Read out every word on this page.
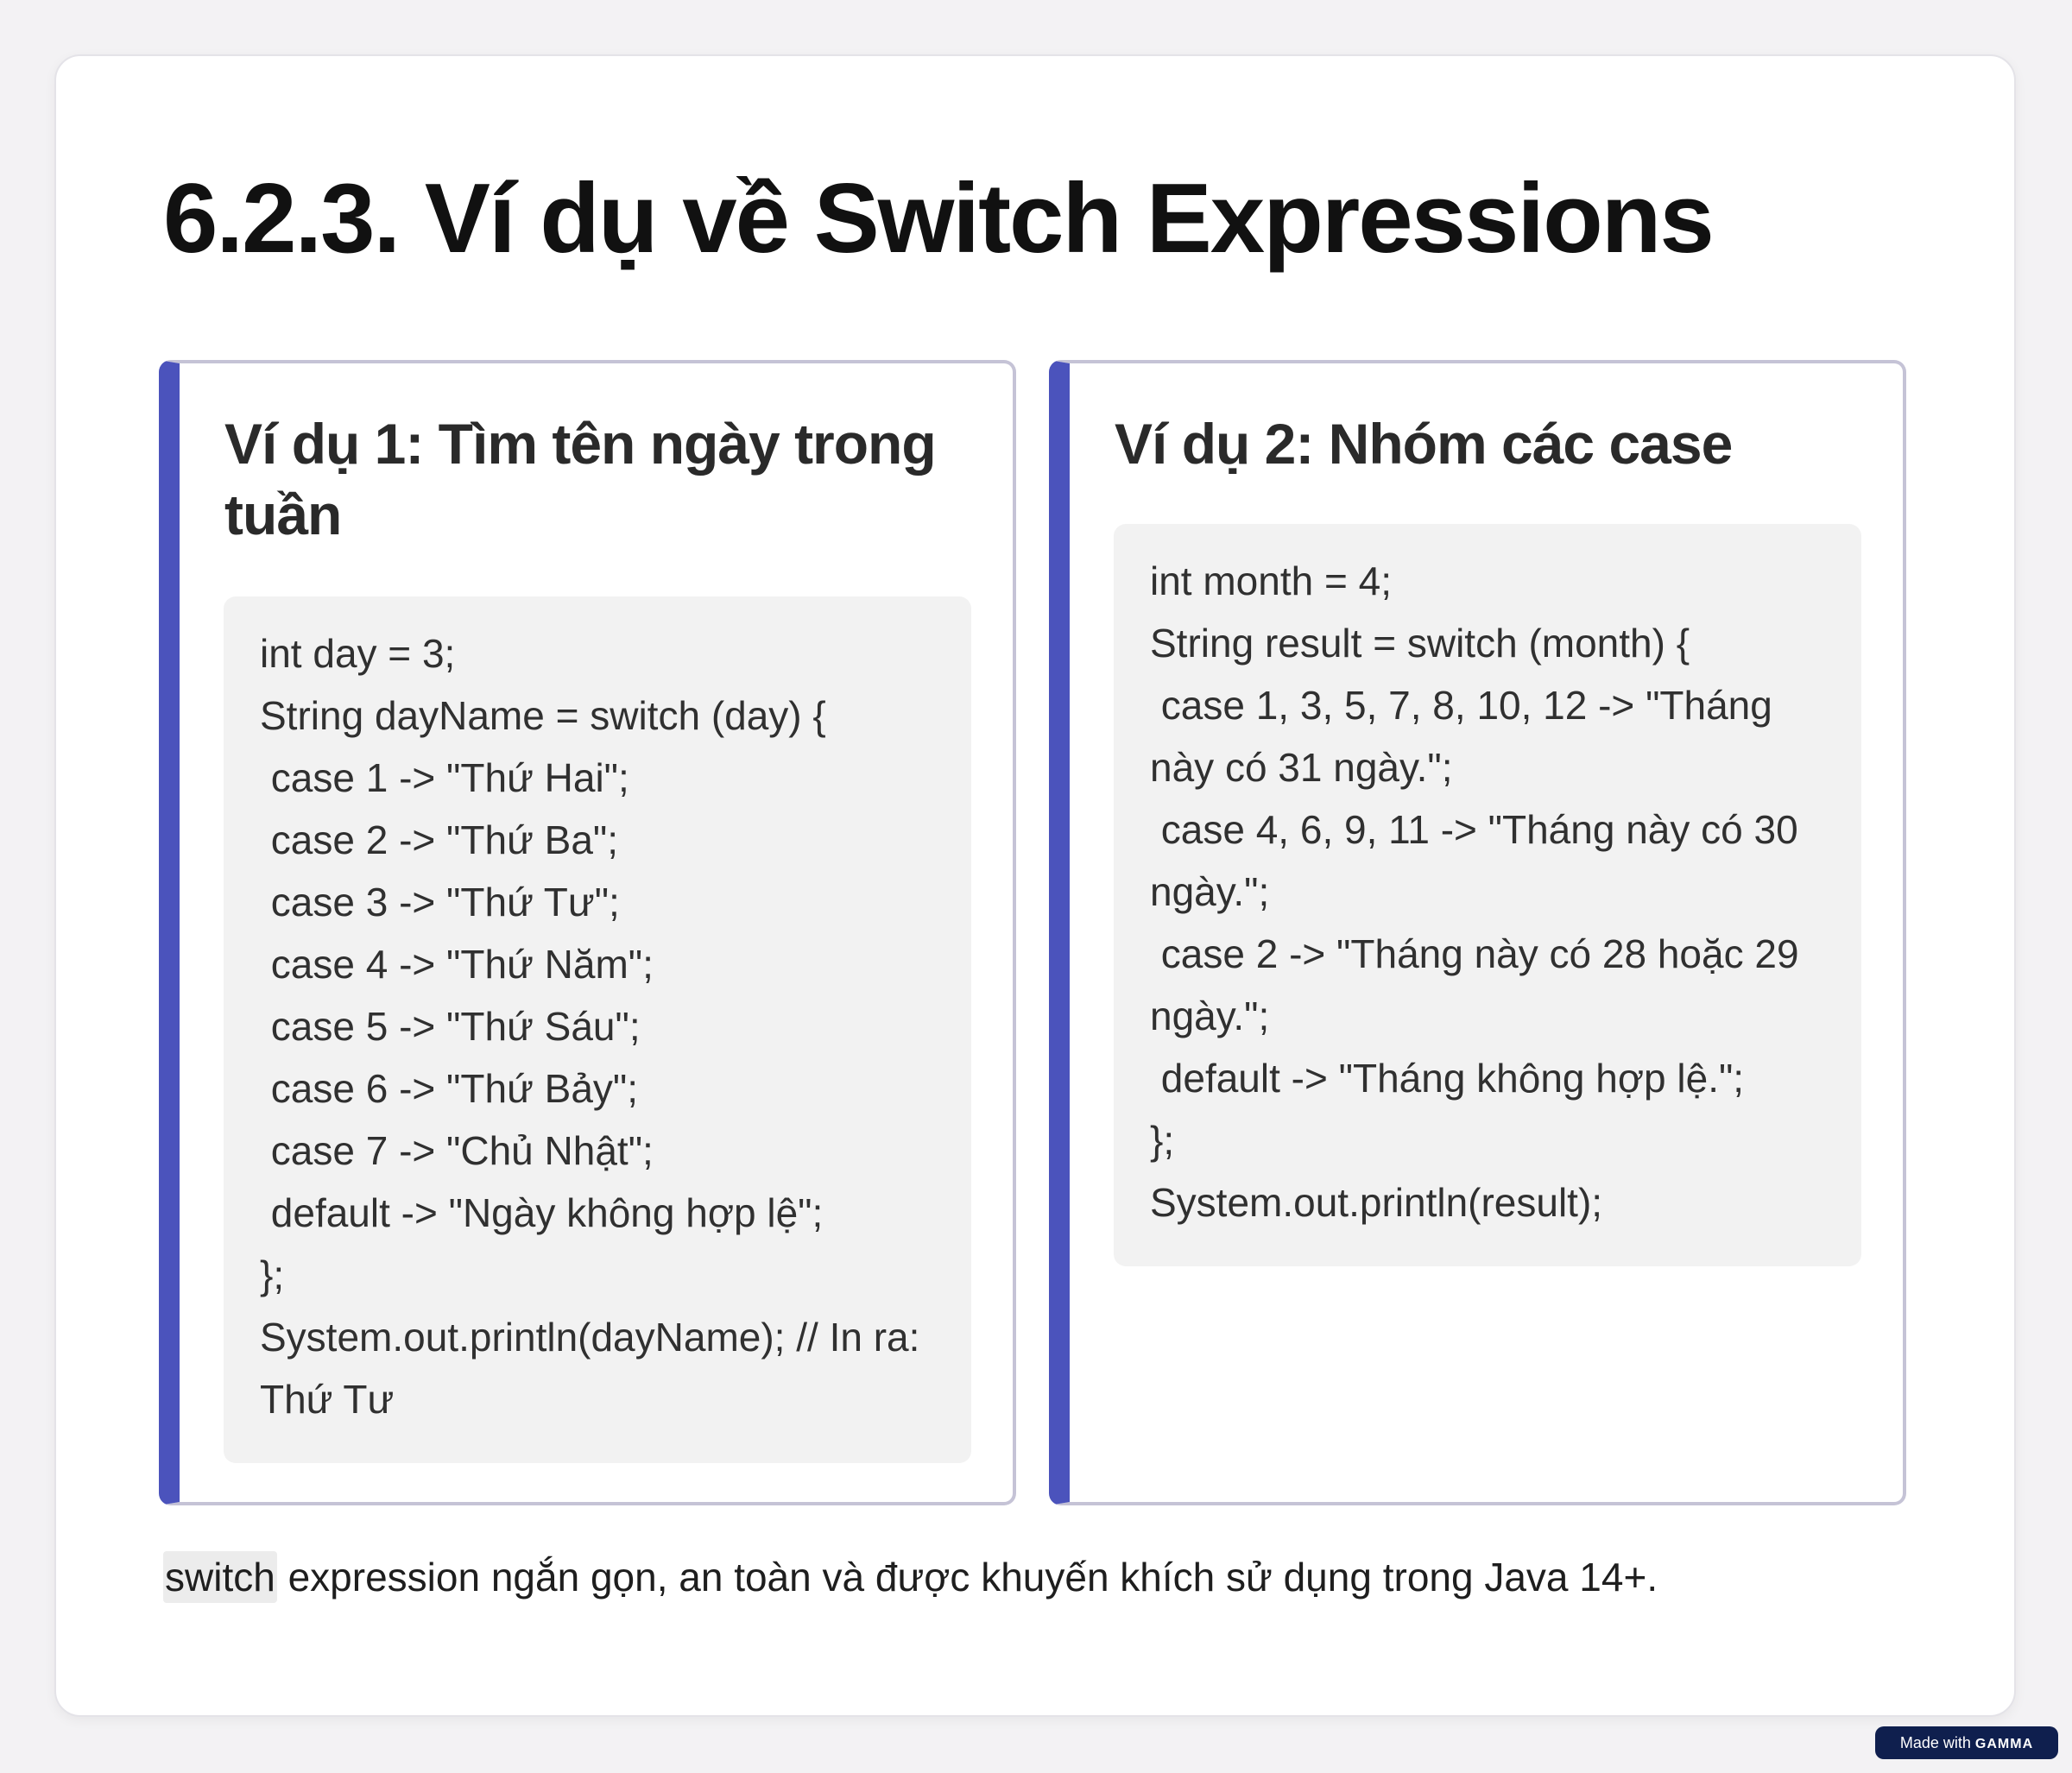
6.2.3. Ví dụ về Switch Expressions
Ví dụ 1: Tìm tên ngày trong tuần
int day = 3;
String dayName = switch (day) {
case 1 -> "Thứ Hai";
case 2 -> "Thứ Ba";
case 3 -> "Thứ Tư";
case 4 -> "Thứ Năm";
case 5 -> "Thứ Sáu";
case 6 -> "Thứ Bảy";
case 7 -> "Chủ Nhật";
default -> "Ngày không hợp lệ";
};
System.out.println(dayName); // In ra: Thứ Tư
Ví dụ 2: Nhóm các case
int month = 4;
String result = switch (month) {
case 1, 3, 5, 7, 8, 10, 12 -> "Tháng này có 31 ngày.";
case 4, 6, 9, 11 -> "Tháng này có 30 ngày.";
case 2 -> "Tháng này có 28 hoặc 29 ngày.";
default -> "Tháng không hợp lệ.";
};
System.out.println(result);
switch expression ngắn gọn, an toàn và được khuyến khích sử dụng trong Java 14+.
Made with GAMMA
